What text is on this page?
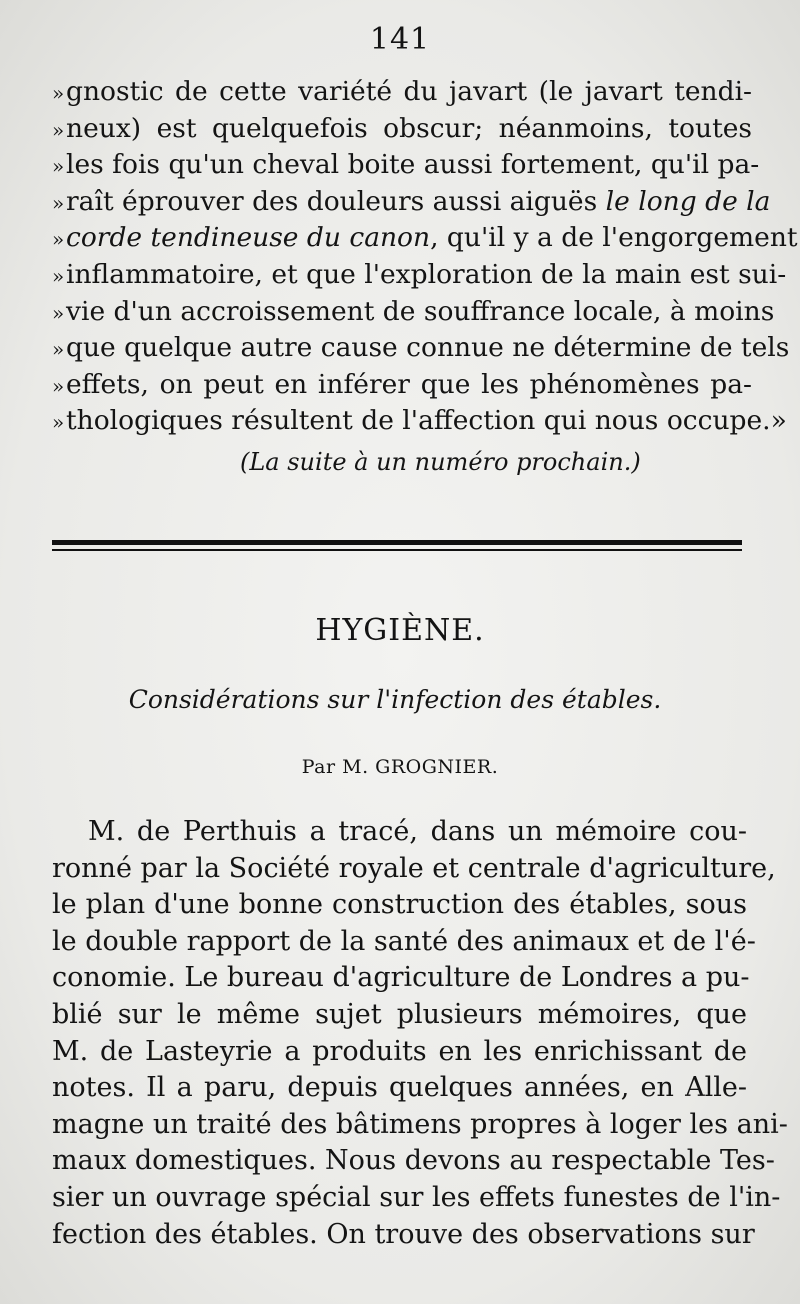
141
»gnostic de cette variété du javart (le javart tendi-
»neux) est quelquefois obscur; néanmoins, toutes
»les fois qu'un cheval boite aussi fortement, qu'il pa-
»raît éprouver des douleurs aussi aiguës le long de la
»corde tendineuse du canon, qu'il y a de l'engorgement
»inflammatoire, et que l'exploration de la main est sui-
»vie d'un accroissement de souffrance locale, à moins
»que quelque autre cause connue ne détermine de tels
»effets, on peut en inférer que les phénomènes pa-
»thologiques résultent de l'affection qui nous occupe.»
(La suite à un numéro prochain.)
HYGIÈNE.
Considérations sur l'infection des étables.
Par M. GROGNIER.
M. de Perthuis a tracé, dans un mémoire cou-
ronné par la Société royale et centrale d'agriculture,
le plan d'une bonne construction des étables, sous
le double rapport de la santé des animaux et de l'é-
conomie. Le bureau d'agriculture de Londres a pu-
blié sur le même sujet plusieurs mémoires, que
M. de Lasteyrie a produits en les enrichissant de
notes. Il a paru, depuis quelques années, en Alle-
magne un traité des bâtimens propres à loger les ani-
maux domestiques. Nous devons au respectable Tes-
sier un ouvrage spécial sur les effets funestes de l'in-
fection des étables. On trouve des observations sur
